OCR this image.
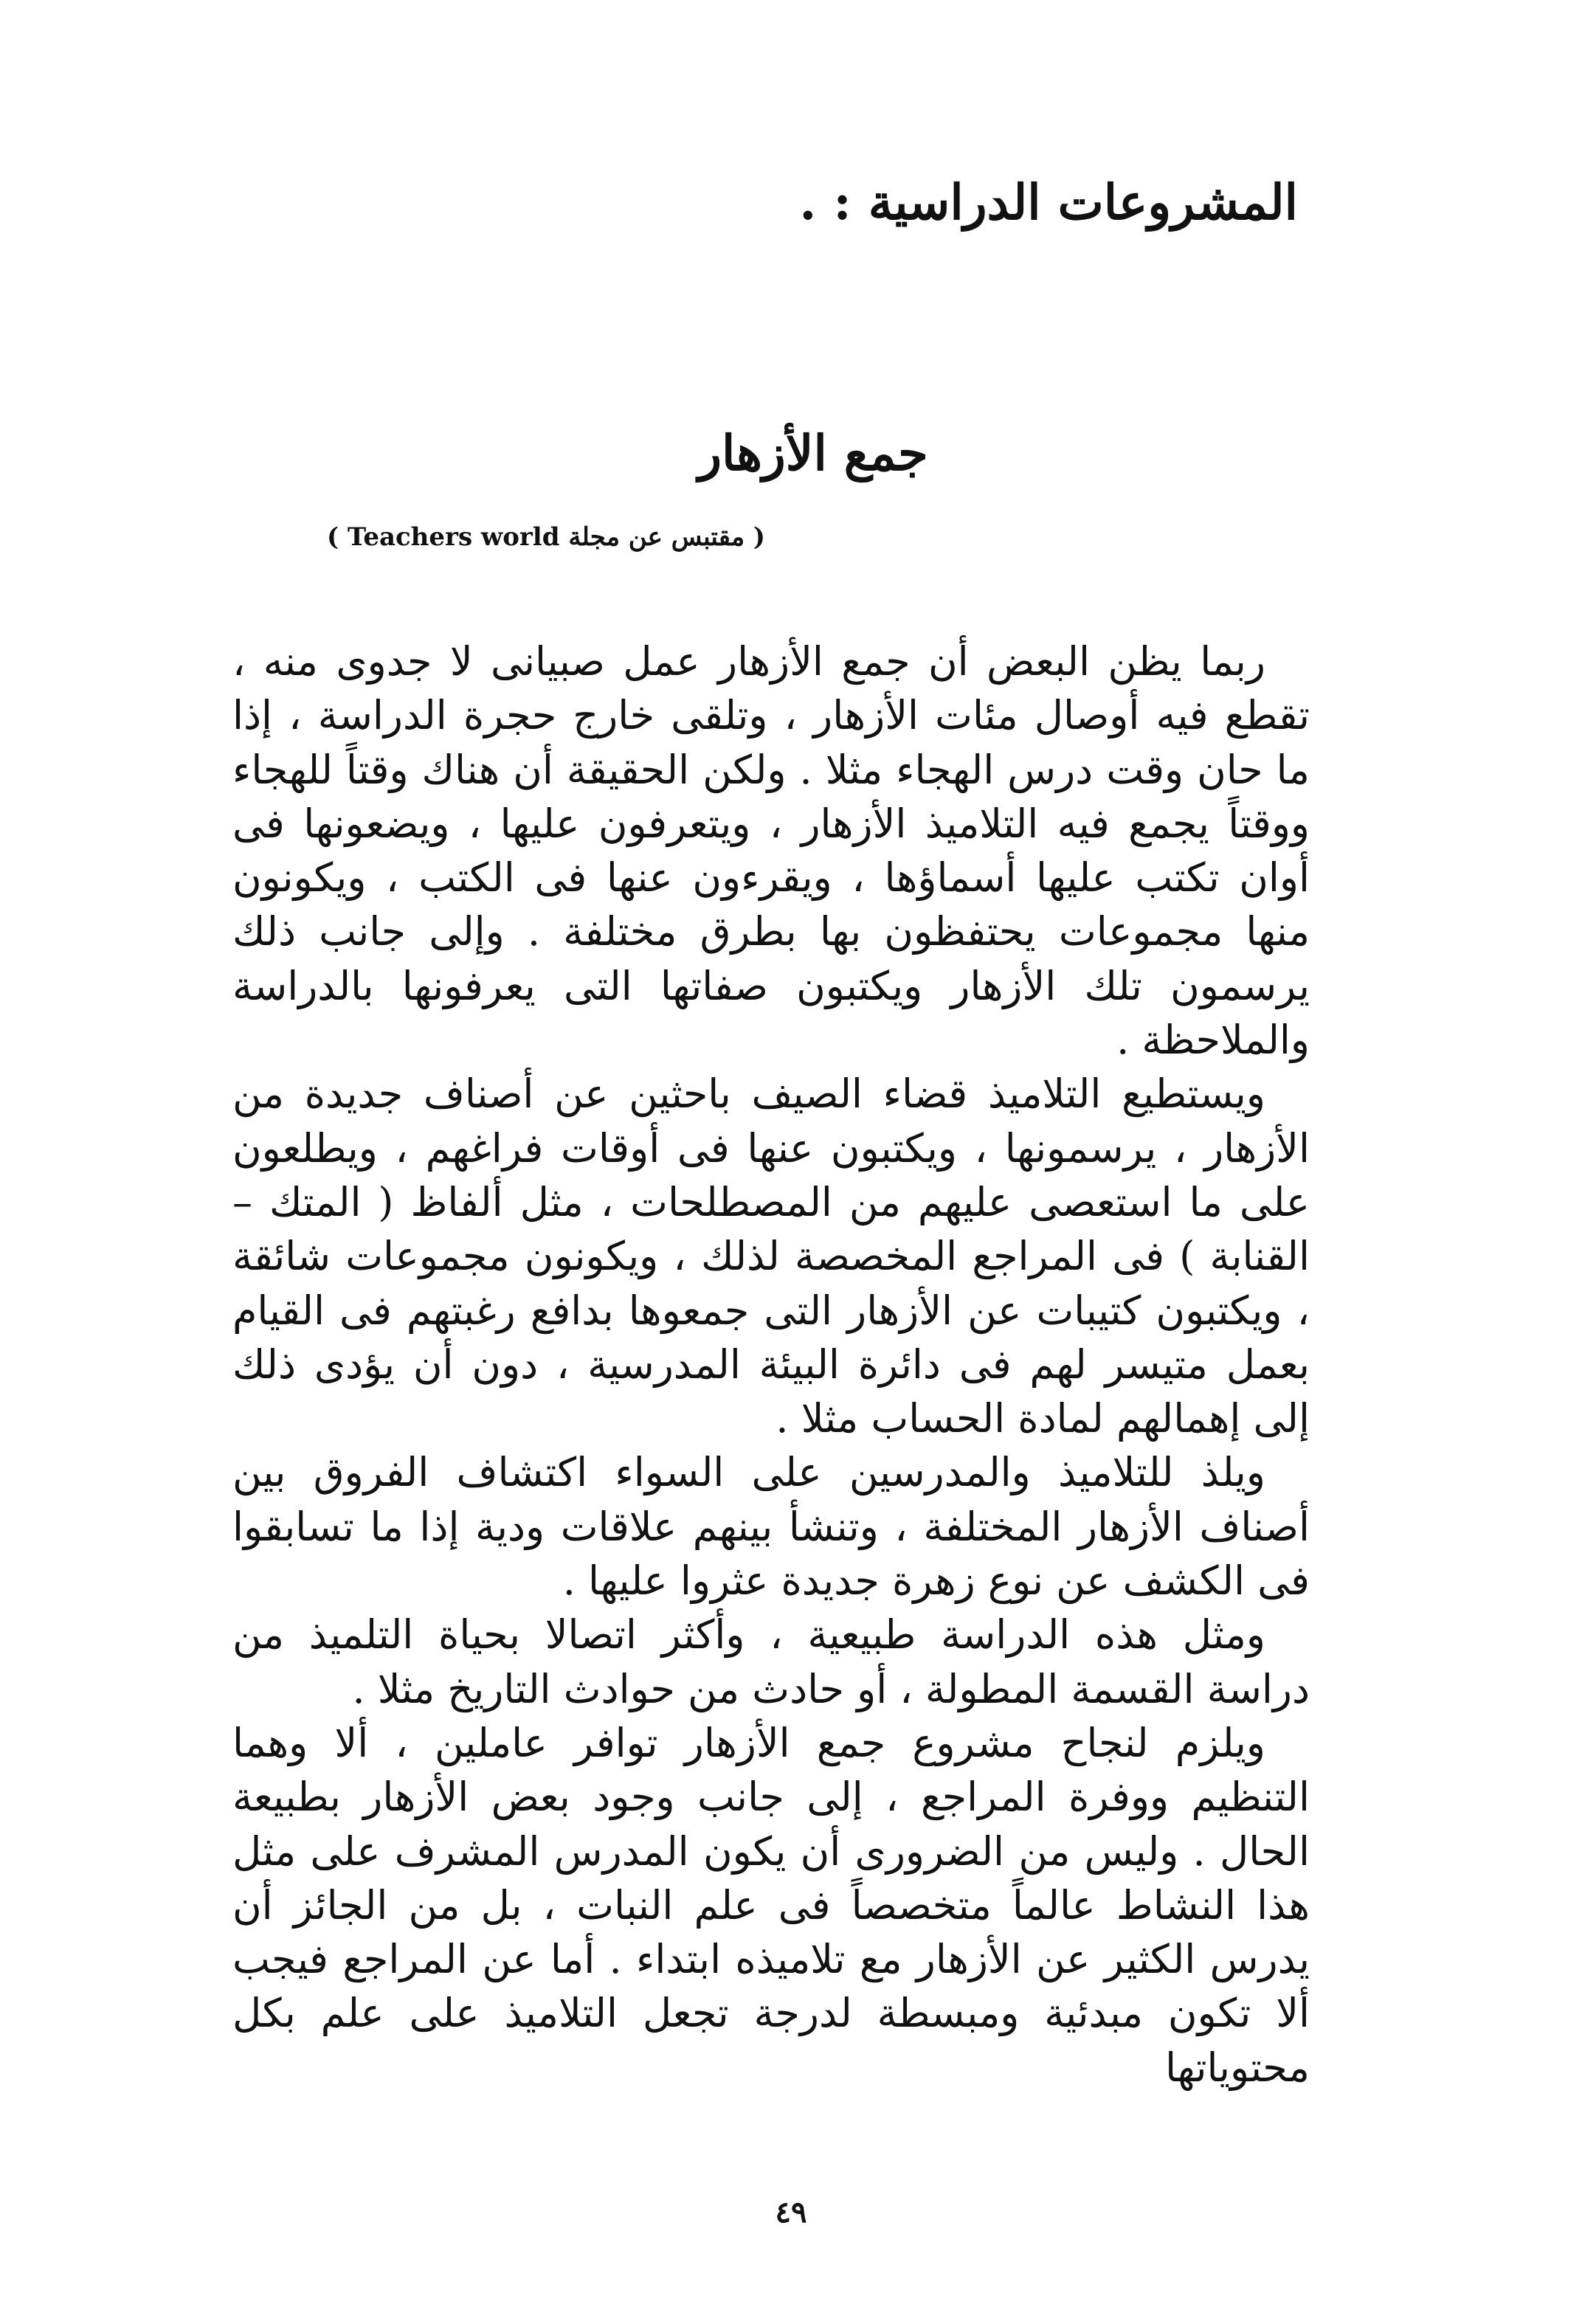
المشروعات الدراسية : .
جمع الأزهار
( مقتبس عن مجلة Teachers world )

ربما يظن البعض أن جمع الأزهار عمل صبيانى لا جدوى منه ، تقطع فيه أوصال مئات الأزهار ، وتلقى خارج حجرة الدراسة ، إذا ما حان وقت درس الهجاء مثلا . ولكن الحقيقة أن هناك وقتاً للهجاء ووقتاً يجمع فيه التلاميذ الأزهار ، ويتعرفون عليها ، ويضعونها فى أوان تكتب عليها أسماؤها ، ويقرءون عنها فى الكتب ، ويكونون منها مجموعات يحتفظون بها بطرق مختلفة . وإلى جانب ذلك يرسمون تلك الأزهار ويكتبون صفاتها التى يعرفونها بالدراسة والملاحظة .

ويستطيع التلاميذ قضاء الصيف باحثين عن أصناف جديدة من الأزهار ، يرسمونها ، ويكتبون عنها فى أوقات فراغهم ، ويطلعون على ما استعصى عليهم من المصطلحات ، مثل ألفاظ ( المتك – القنابة ) فى المراجع المخصصة لذلك ، ويكونون مجموعات شائقة ، ويكتبون كتيبات عن الأزهار التى جمعوها بدافع رغبتهم فى القيام بعمل متيسر لهم فى دائرة البيئة المدرسية ، دون أن يؤدى ذلك إلى إهمالهم لمادة الحساب مثلا .

ويلذ للتلاميذ والمدرسين على السواء اكتشاف الفروق بين أصناف الأزهار المختلفة ، وتنشأ بينهم علاقات ودية إذا ما تسابقوا فى الكشف عن نوع زهرة جديدة عثروا عليها .

ومثل هذه الدراسة طبيعية ، وأكثر اتصالا بحياة التلميذ من دراسة القسمة المطولة ، أو حادث من حوادث التاريخ مثلا .

ويلزم لنجاح مشروع جمع الأزهار توافر عاملين ، ألا وهما التنظيم ووفرة المراجع ، إلى جانب وجود بعض الأزهار بطبيعة الحال . وليس من الضرورى أن يكون المدرس المشرف على مثل هذا النشاط عالماً متخصصاً فى علم النبات ، بل من الجائز أن يدرس الكثير عن الأزهار مع تلاميذه ابتداء . أما عن المراجع فيجب ألا تكون مبدئية ومبسطة لدرجة تجعل التلاميذ على علم بكل محتوياتها

٤٩
